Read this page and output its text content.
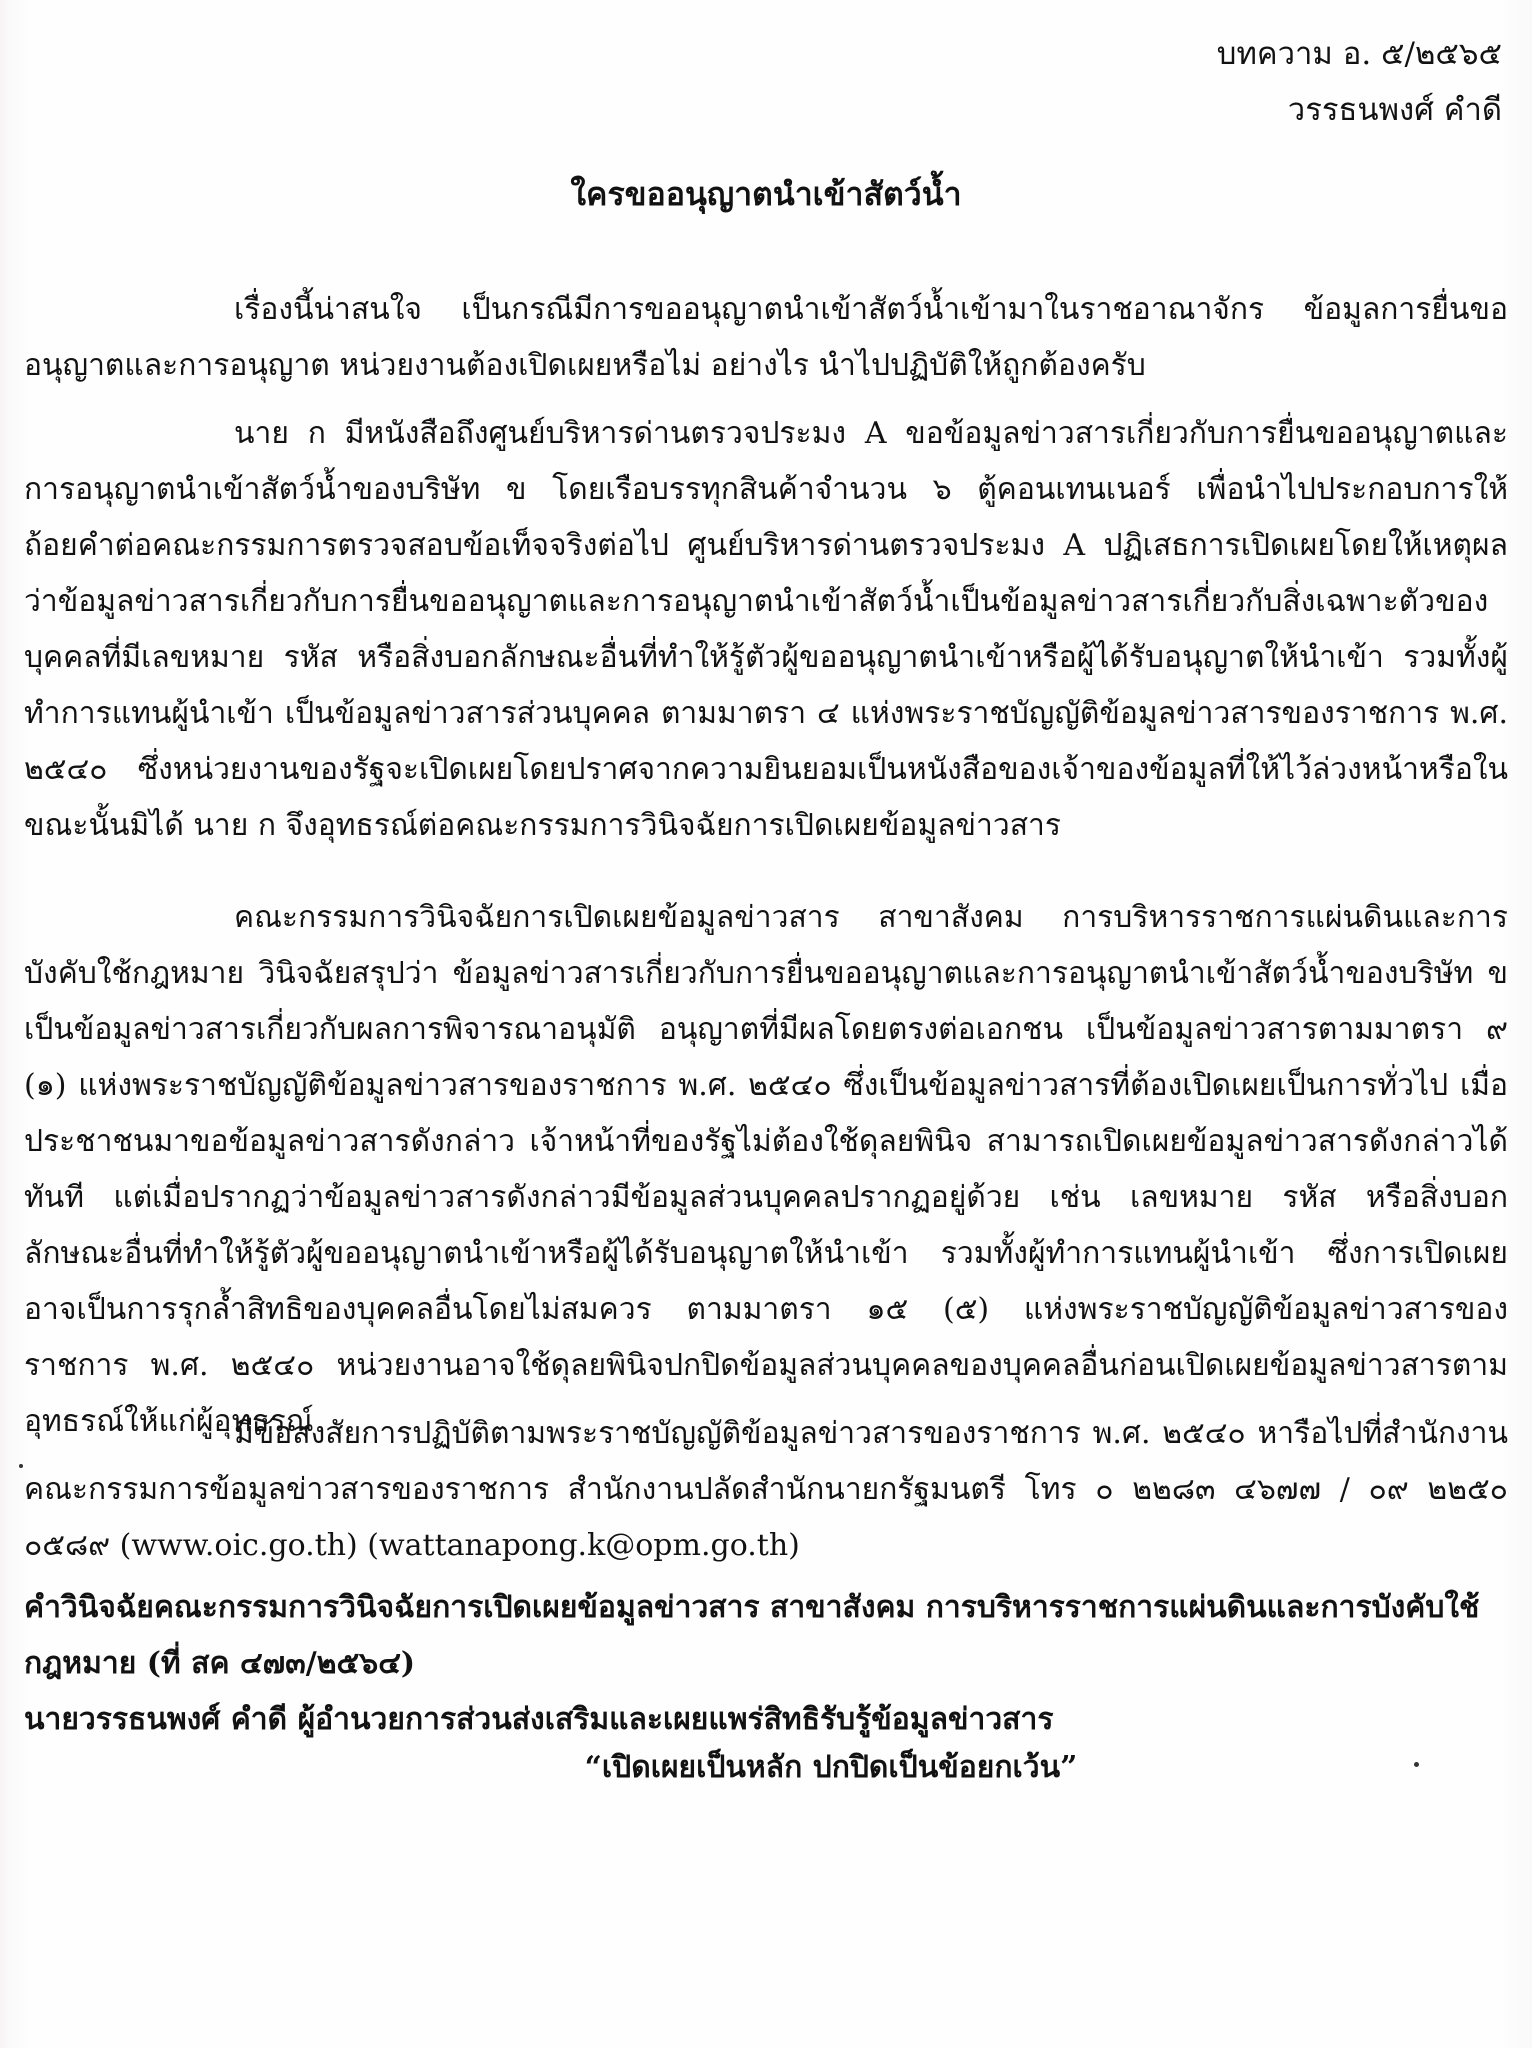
บทความ อ. ๕/๒๕๖๕
วรรธนพงศ์ คำดี
ใครขออนุญาตนำเข้าสัตว์น้ำ

เรื่องนี้น่าสนใจ เป็นกรณีมีการขออนุญาตนำเข้าสัตว์น้ำเข้ามาในราชอาณาจักร ข้อมูลการยื่นขออนุญาตและการอนุญาต หน่วยงานต้องเปิดเผยหรือไม่ อย่างไร นำไปปฏิบัติให้ถูกต้องครับ

นาย ก มีหนังสือถึงศูนย์บริหารด่านตรวจประมง A ขอข้อมูลข่าวสารเกี่ยวกับการยื่นขออนุญาตและการอนุญาตนำเข้าสัตว์น้ำของบริษัท ข โดยเรือบรรทุกสินค้าจำนวน ๖ ตู้คอนเทนเนอร์ เพื่อนำไปประกอบการให้ถ้อยคำต่อคณะกรรมการตรวจสอบข้อเท็จจริงต่อไป ศูนย์บริหารด่านตรวจประมง A ปฏิเสธการเปิดเผยโดยให้เหตุผลว่าข้อมูลข่าวสารเกี่ยวกับการยื่นขออนุญาตและการอนุญาตนำเข้าสัตว์น้ำเป็นข้อมูลข่าวสารเกี่ยวกับสิ่งเฉพาะตัวของบุคคลที่มีเลขหมาย รหัส หรือสิ่งบอกลักษณะอื่นที่ทำให้รู้ตัวผู้ขออนุญาตนำเข้าหรือผู้ได้รับอนุญาตให้นำเข้า รวมทั้งผู้ทำการแทนผู้นำเข้า เป็นข้อมูลข่าวสารส่วนบุคคล ตามมาตรา ๔ แห่งพระราชบัญญัติข้อมูลข่าวสารของราชการ พ.ศ. ๒๕๔๐ ซึ่งหน่วยงานของรัฐจะเปิดเผยโดยปราศจากความยินยอมเป็นหนังสือของเจ้าของข้อมูลที่ให้ไว้ล่วงหน้าหรือในขณะนั้นมิได้ นาย ก จึงอุทธรณ์ต่อคณะกรรมการวินิจฉัยการเปิดเผยข้อมูลข่าวสาร

คณะกรรมการวินิจฉัยการเปิดเผยข้อมูลข่าวสาร สาขาสังคม การบริหารราชการแผ่นดินและการบังคับใช้กฎหมาย วินิจฉัยสรุปว่า ข้อมูลข่าวสารเกี่ยวกับการยื่นขออนุญาตและการอนุญาตนำเข้าสัตว์น้ำของบริษัท ข เป็นข้อมูลข่าวสารเกี่ยวกับผลการพิจารณาอนุมัติ อนุญาตที่มีผลโดยตรงต่อเอกชน เป็นข้อมูลข่าวสารตามมาตรา ๙ (๑) แห่งพระราชบัญญัติข้อมูลข่าวสารของราชการ พ.ศ. ๒๕๔๐ ซึ่งเป็นข้อมูลข่าวสารที่ต้องเปิดเผยเป็นการทั่วไป เมื่อประชาชนมาขอข้อมูลข่าวสารดังกล่าว เจ้าหน้าที่ของรัฐไม่ต้องใช้ดุลยพินิจ สามารถเปิดเผยข้อมูลข่าวสารดังกล่าวได้ทันที แต่เมื่อปรากฏว่าข้อมูลข่าวสารดังกล่าวมีข้อมูลส่วนบุคคลปรากฏอยู่ด้วย เช่น เลขหมาย รหัส หรือสิ่งบอกลักษณะอื่นที่ทำให้รู้ตัวผู้ขออนุญาตนำเข้าหรือผู้ได้รับอนุญาตให้นำเข้า รวมทั้งผู้ทำการแทนผู้นำเข้า ซึ่งการเปิดเผยอาจเป็นการรุกล้ำสิทธิของบุคคลอื่นโดยไม่สมควร ตามมาตรา ๑๕ (๕) แห่งพระราชบัญญัติข้อมูลข่าวสารของราชการ พ.ศ. ๒๕๔๐ หน่วยงานอาจใช้ดุลยพินิจปกปิดข้อมูลส่วนบุคคลของบุคคลอื่นก่อนเปิดเผยข้อมูลข่าวสารตามอุทธรณ์ให้แก่ผู้อุทธรณ์

มีข้อสงสัยการปฏิบัติตามพระราชบัญญัติข้อมูลข่าวสารของราชการ พ.ศ. ๒๕๔๐ หารือไปที่สำนักงานคณะกรรมการข้อมูลข่าวสารของราชการ สำนักงานปลัดสำนักนายกรัฐมนตรี โทร ๐ ๒๒๘๓ ๔๖๗๗ / ๐๙ ๒๒๕๐ ๐๕๘๙ (www.oic.go.th) (wattanapong.k@opm.go.th)

คำวินิจฉัยคณะกรรมการวินิจฉัยการเปิดเผยข้อมูลข่าวสาร สาขาสังคม การบริหารราชการแผ่นดินและการบังคับใช้กฎหมาย (ที่ สค ๔๗๓/๒๕๖๔)
นายวรรธนพงศ์ คำดี ผู้อำนวยการส่วนส่งเสริมและเผยแพร่สิทธิรับรู้ข้อมูลข่าวสาร
“เปิดเผยเป็นหลัก ปกปิดเป็นข้อยกเว้น”
